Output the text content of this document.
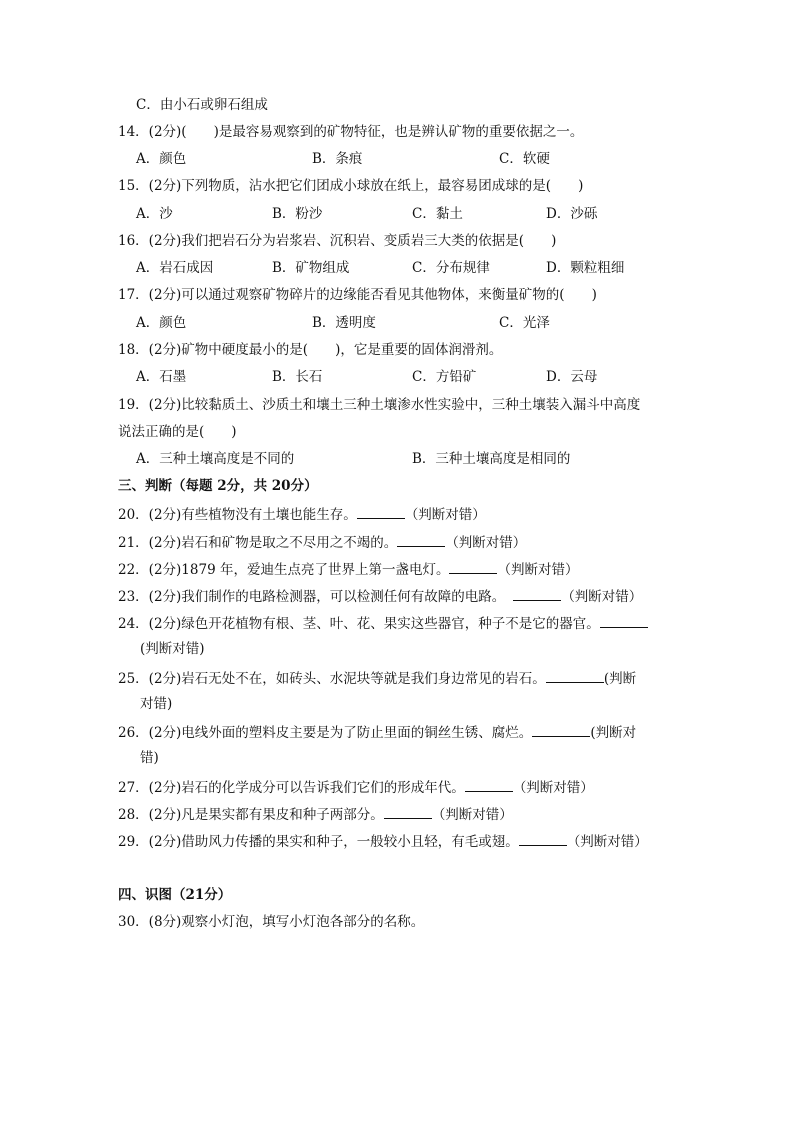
C．由小石或卵石组成
14．(2分)(　　)是最容易观察到的矿物特征，也是辨认矿物的重要依据之一。
A．颜色	B．条痕	C．软硬
15．(2分)下列物质，沾水把它们团成小球放在纸上，最容易团成球的是(　　)
A．沙	B．粉沙	C．黏土	D．沙砾
16．(2分)我们把岩石分为岩浆岩、沉积岩、变质岩三大类的依据是(　　)
A．岩石成因	B．矿物组成	C．分布规律	D．颗粒粗细
17．(2分)可以通过观察矿物碎片的边缘能否看见其他物体，来衡量矿物的(　　)
A．颜色	B．透明度	C．光泽
18．(2分)矿物中硬度最小的是(　　)，它是重要的固体润滑剂。
A．石墨	B．长石	C．方铅矿	D．云母
19．(2分)比较黏质土、沙质土和壤土三种土壤渗水性实验中，三种土壤装入漏斗中高度
说法正确的是(　　)
A．三种土壤高度是不同的	B．三种土壤高度是相同的
三、判断（每题 2分，共 20分）
20．(2分)有些植物没有土壤也能生存。	（判断对错）
21．(2分)岩石和矿物是取之不尽用之不竭的。	（判断对错）
22．(2分)1879 年，爱迪生点亮了世界上第一盏电灯。	（判断对错）
23．(2分)我们制作的电路检测器，可以检测任何有故障的电路。	（判断对错）
24．(2分)绿色开花植物有根、茎、叶、花、果实这些器官，种子不是它的器官。
(判断对错)
25．(2分)岩石无处不在，如砖头、水泥块等就是我们身边常见的岩石。	(判断
对错)
26．(2分)电线外面的塑料皮主要是为了防止里面的铜丝生锈、腐烂。	(判断对
错)
27．(2分)岩石的化学成分可以告诉我们它们的形成年代。	（判断对错）
28．(2分)凡是果实都有果皮和种子两部分。	（判断对错）
29．(2分)借助风力传播的果实和种子，一般较小且轻，有毛或翅。	（判断对错）
四、识图（21分）
30．(8分)观察小灯泡，填写小灯泡各部分的名称。
